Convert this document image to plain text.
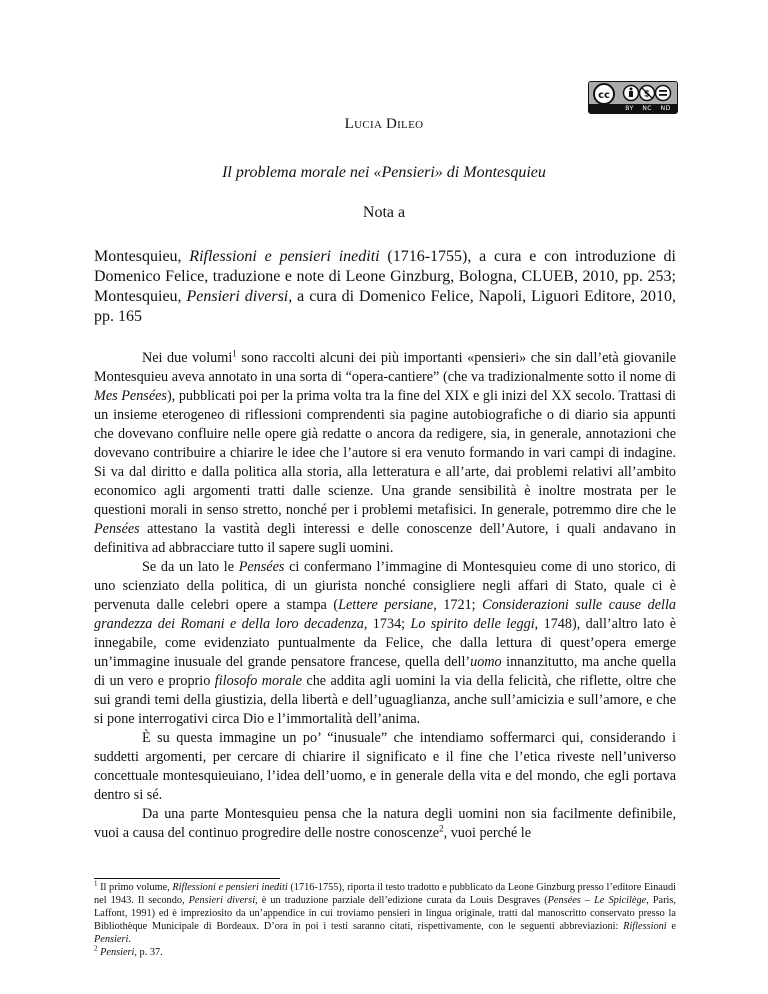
cc	$
BY NC ND
Lucia Dileo
Il problema morale nei «Pensieri» di Montesquieu
Nota a

Montesquieu, Riflessioni e pensieri inediti (1716-1755), a cura e con introduzione di Domenico Felice, traduzione e note di Leone Ginzburg, Bologna, CLUEB, 2010, pp. 253; Montesquieu, Pensieri diversi, a cura di Domenico Felice, Napoli, Liguori Editore, 2010, pp. 165

Nei due volumi$^1$ sono raccolti alcuni dei più importanti «pensieri» che sin dall’età giovanile Montesquieu aveva annotato in una sorta di “opera-cantiere” (che va tradizionalmente sotto il nome di Mes Pensées), pubblicati poi per la prima volta tra la fine del XIX e gli inizi del XX secolo. Trattasi di un insieme eterogeneo di riflessioni comprendenti sia pagine autobiografiche o di diario sia appunti che dovevano confluire nelle opere già redatte o ancora da redigere, sia, in generale, annotazioni che dovevano contribuire a chiarire le idee che l’autore si era venuto formando in vari campi di indagine. Si va dal diritto e dalla politica alla storia, alla letteratura e all’arte, dai problemi relativi all’ambito economico agli argomenti tratti dalle scienze. Una grande sensibilità è inoltre mostrata per le questioni morali in senso stretto, nonché per i problemi metafisici. In generale, potremmo dire che le Pensées attestano la vastità degli interessi e delle conoscenze dell’Autore, i quali andavano in definitiva ad abbracciare tutto il sapere sugli uomini.

Se da un lato le Pensées ci confermano l’immagine di Montesquieu come di uno storico, di uno scienziato della politica, di un giurista nonché consigliere negli affari di Stato, quale ci è pervenuta dalle celebri opere a stampa (Lettere persiane, 1721; Considerazioni sulle cause della grandezza dei Romani e della loro decadenza, 1734; Lo spirito delle leggi, 1748), dall’altro lato è innegabile, come evidenziato puntualmente da Felice, che dalla lettura di quest’opera emerge un’immagine inusuale del grande pensatore francese, quella dell’uomo innanzitutto, ma anche quella di un vero e proprio filosofo morale che addita agli uomini la via della felicità, che riflette, oltre che sui grandi temi della giustizia, della libertà e dell’uguaglianza, anche sull’amicizia e sull’amore, e che si pone interrogativi circa Dio e l’immortalità dell’anima.

È su questa immagine un po’ “inusuale” che intendiamo soffermarci qui, considerando i suddetti argomenti, per cercare di chiarire il significato e il fine che l’etica riveste nell’universo concettuale montesquieuiano, l’idea dell’uomo, e in generale della vita e del mondo, che egli portava dentro si sé.

Da una parte Montesquieu pensa che la natura degli uomini non sia facilmente definibile, vuoi a causa del continuo progredire delle nostre conoscenze$^2$, vuoi perché le

$^1$ Il primo volume, Riflessioni e pensieri inediti (1716-1755), riporta il testo tradotto e pubblicato da Leone Ginzburg presso l’editore Einaudi nel 1943. Il secondo, Pensieri diversi, è un traduzione parziale dell’edizione curata da Louis Desgraves (Pensées – Le Spicilège, Paris, Laffont, 1991) ed è impreziosito da un’appendice in cui troviamo pensieri in lingua originale, tratti dal manoscritto conservato presso la Bibliothèque Municipale di Bordeaux. D’ora in poi i testi saranno citati, rispettivamente, con le seguenti abbreviazioni: Riflessioni e Pensieri.

$^2$ Pensieri, p. 37.
